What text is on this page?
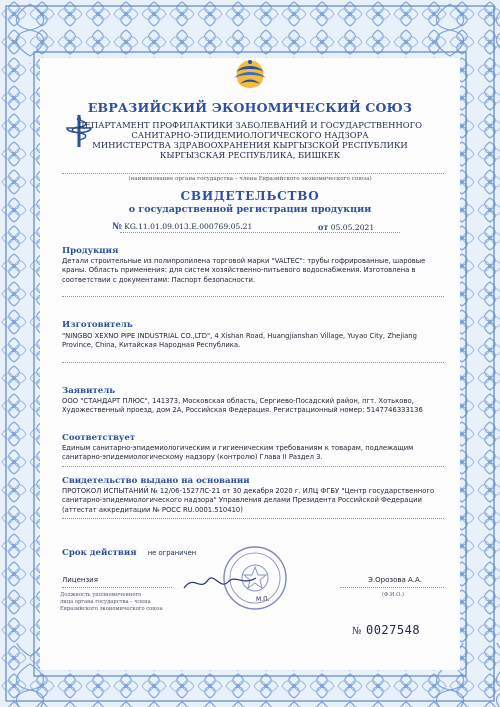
ЕВРАЗИЙСКИЙ ЭКОНОМИЧЕСКИЙ СОЮЗ
ДЕПАРТАМЕНТ ПРОФИЛАКТИКИ ЗАБОЛЕВАНИЙ И ГОСУДАРСТВЕННОГО
САНИТАРНО-ЭПИДЕМИОЛОГИЧЕСКОГО НАДЗОРА
МИНИСТЕРСТВА ЗДРАВООХРАНЕНИЯ КЫРГЫЗСКОЙ РЕСПУБЛИКИ
КЫРГЫЗСКАЯ РЕСПУБЛИКА, БИШКЕК
(наименование органа государства – члена Евразийского экономического союза)
СВИДЕТЕЛЬСТВО
о государственной регистрации продукции
№ KG.11.01.09.013.Е.000769.05.21	от 05.05.2021
Продукция
Детали строительные из полипропилена торговой марки "VALTEC": трубы гофрированные, шаровые краны. Область применения: для систем хозяйственно-питьевого водоснабжения. Изготовлена в соответствии с документами: Паспорт безопасности.
Изготовитель
"NINGBO XEXNO PIPE INDUSTRIAL CO.,LTD", 4 Xishan Road, Huangjianshan Village, Yuyao City, Zhejiang Province, China, Китайская Народная Республика.
Заявитель
ООО "СТАНДАРТ ПЛЮС", 141373, Московская область, Сергиево-Посадский район, пгт. Хотьково, Художественный проезд, дом 2А, Российская Федерация. Регистрационный номер: 5147746333136
Соответствует
Единым санитарно-эпидемиологическим и гигиеническим требованиям к товарам, подлежащим санитарно-эпидемиологическому надзору (контролю) Глава II Раздел 3.
Свидетельство выдано на основании
ПРОТОКОЛ ИСПЫТАНИЙ № 12/06-1527ЛС-21 от 30 декабря 2020 г. ИЛЦ ФГБУ "Центр государственного санитарно-эпидемиологического надзора" Управления делами Президента Российской Федерации (аттестат аккредитации № РОСС RU.0001.510410)
Срок действия не ограничен
Лицензия
Должность уполномоченного
лица органа государства – члена
Евразийского экономического союза
М.П.
Э.Орозова А.А.
(Ф.И.О.)
№ 0027548
